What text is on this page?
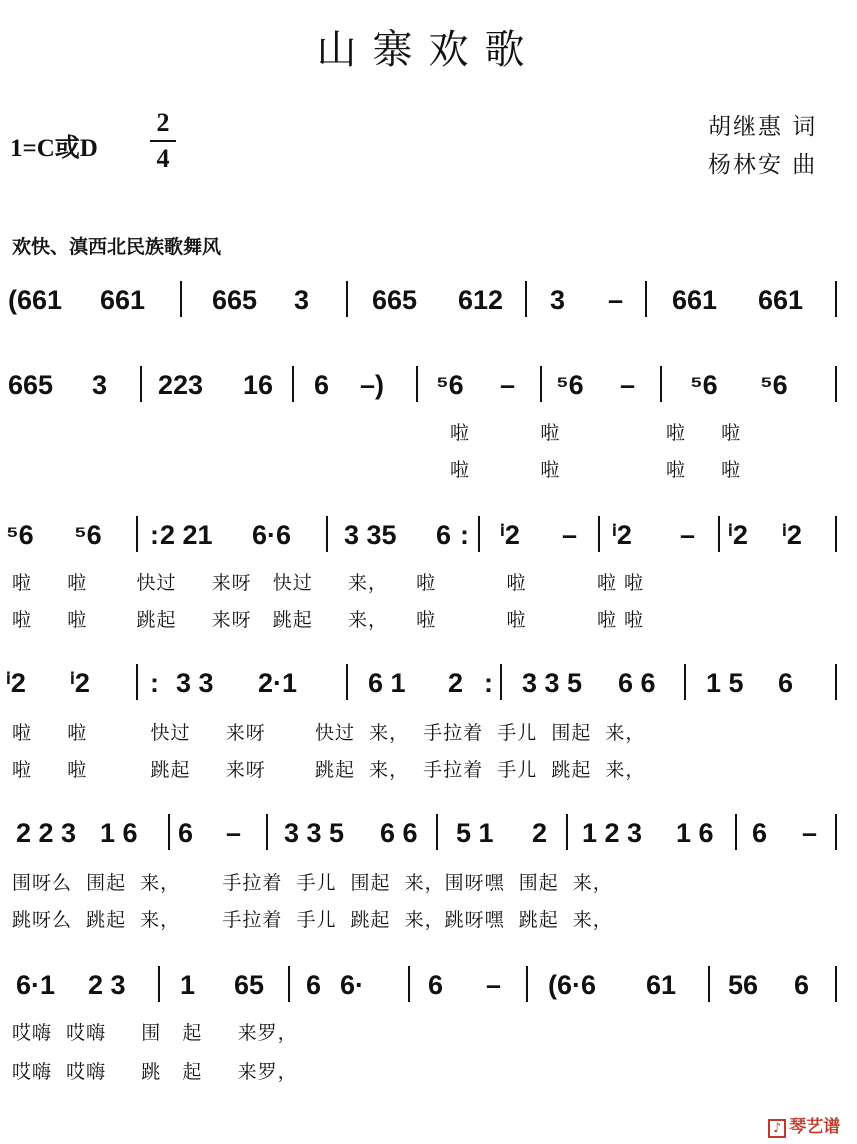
山寨欢歌
1=C或D
2
4
胡继惠 词
杨林安 曲
欢快、滇西北民族歌舞风
(661 661 665 3 665 612 3 – 661 661
665 3 223 16 6 –) ⁵6 – ⁵6 – ⁵6 ⁵6
⁵6 ⁵6 : 2 21 6·6 3 35 6 : ⁱ2 – ⁱ2 – ⁱ2 ⁱ2
ⁱ2 ⁱ2 : 3 3 2·1	6 1 2 : 3 3 5 6 6 1 5 6
2 2 3 1 6 6 – 3 3 5 6 6 5 1 2 1 2 3 1 6 6 –
6·1 2 3 1 65 6 6· 6 – (6·6 61 56 6
啦          啦               啦     啦
啦          啦               啦     啦
啦     啦       快过     来呀   快过     来，    啦          啦          啦 啦
啦     啦       跳起     来呀   跳起     来，    啦          啦          啦 啦
啦     啦         快过     来呀       快过  来，  手拉着  手儿  围起  来，
啦     啦         跳起     来呀       跳起  来，  手拉着  手儿  跳起  来，
围呀么  围起  来，      手拉着  手儿  围起  来，围呀嘿  围起  来，
跳呀么  跳起  来，      手拉着  手儿  跳起  来，跳呀嘿  跳起  来，
哎嗨  哎嗨     围   起     来罗，
哎嗨  哎嗨     跳   起     来罗，
♪ 琴艺谱
